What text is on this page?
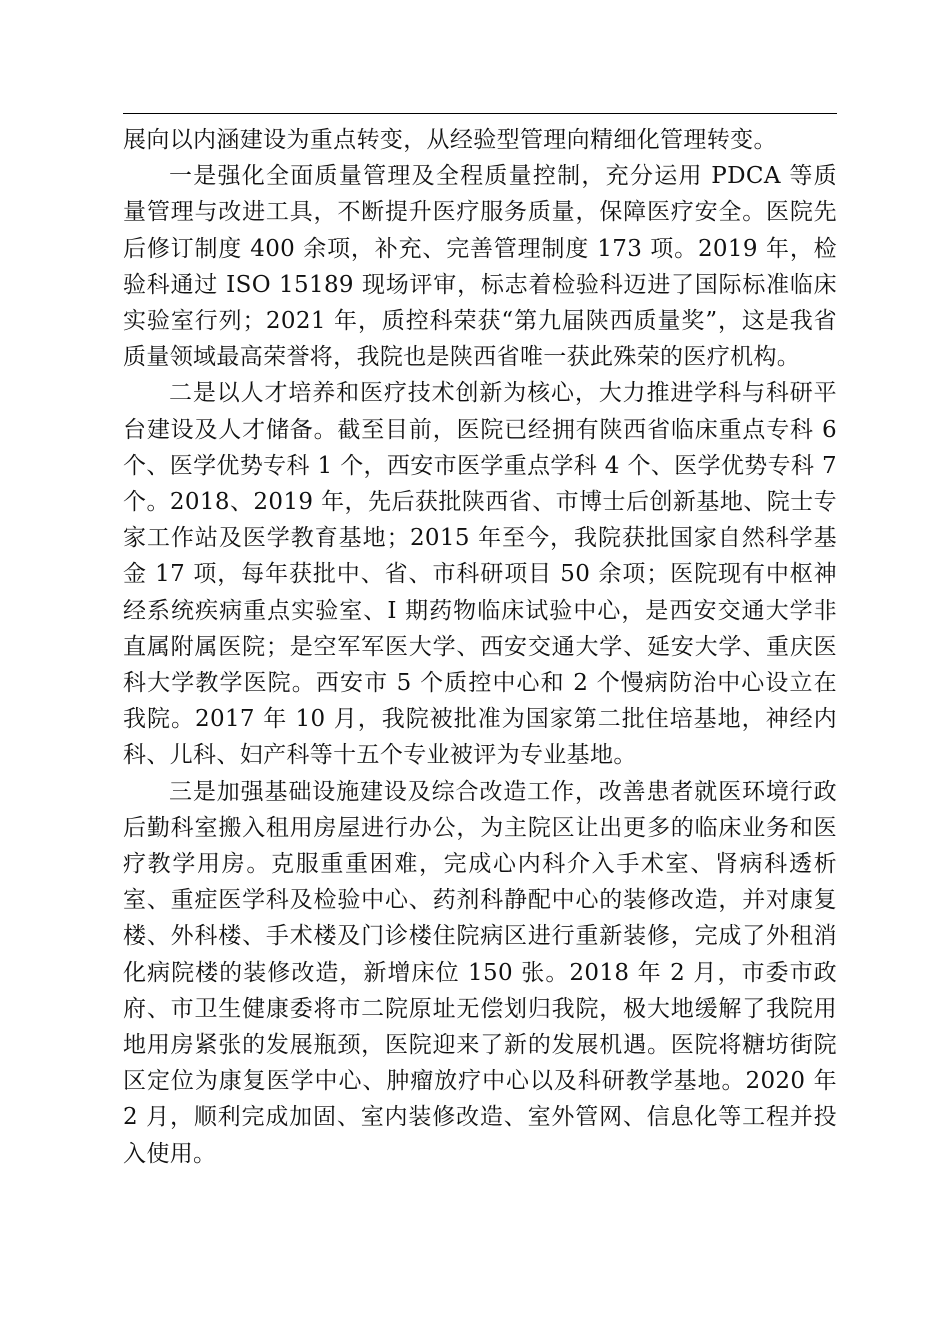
展向以内涵建设为重点转变，从经验型管理向精细化管理转变。

一是强化全面质量管理及全程质量控制，充分运用 PDCA 等质量管理与改进工具，不断提升医疗服务质量，保障医疗安全。医院先后修订制度 400 余项，补充、完善管理制度 173 项。2019 年，检验科通过 ISO 15189 现场评审，标志着检验科迈进了国际标准临床实验室行列；2021 年，质控科荣获“第九届陕西质量奖”，这是我省质量领域最高荣誉将，我院也是陕西省唯一获此殊荣的医疗机构。

二是以人才培养和医疗技术创新为核心，大力推进学科与科研平台建设及人才储备。截至目前，医院已经拥有陕西省临床重点专科 6 个、医学优势专科 1 个，西安市医学重点学科 4 个、医学优势专科 7 个。2018、2019 年，先后获批陕西省、市博士后创新基地、院士专家工作站及医学教育基地；2015 年至今，我院获批国家自然科学基金 17 项，每年获批中、省、市科研项目 50 余项；医院现有中枢神经系统疾病重点实验室、I 期药物临床试验中心，是西安交通大学非直属附属医院；是空军军医大学、西安交通大学、延安大学、重庆医科大学教学医院。西安市 5 个质控中心和 2 个慢病防治中心设立在我院。2017 年 10 月，我院被批准为国家第二批住培基地，神经内科、儿科、妇产科等十五个专业被评为专业基地。

三是加强基础设施建设及综合改造工作，改善患者就医环境行政后勤科室搬入租用房屋进行办公，为主院区让出更多的临床业务和医疗教学用房。克服重重困难，完成心内科介入手术室、肾病科透析室、重症医学科及检验中心、药剂科静配中心的装修改造，并对康复楼、外科楼、手术楼及门诊楼住院病区进行重新装修，完成了外租消化病院楼的装修改造，新增床位 150 张。2018 年 2 月，市委市政府、市卫生健康委将市二院原址无偿划归我院，极大地缓解了我院用地用房紧张的发展瓶颈，医院迎来了新的发展机遇。医院将糖坊街院区定位为康复医学中心、肿瘤放疗中心以及科研教学基地。2020 年 2 月，顺利完成加固、室内装修改造、室外管网、信息化等工程并投入使用。
